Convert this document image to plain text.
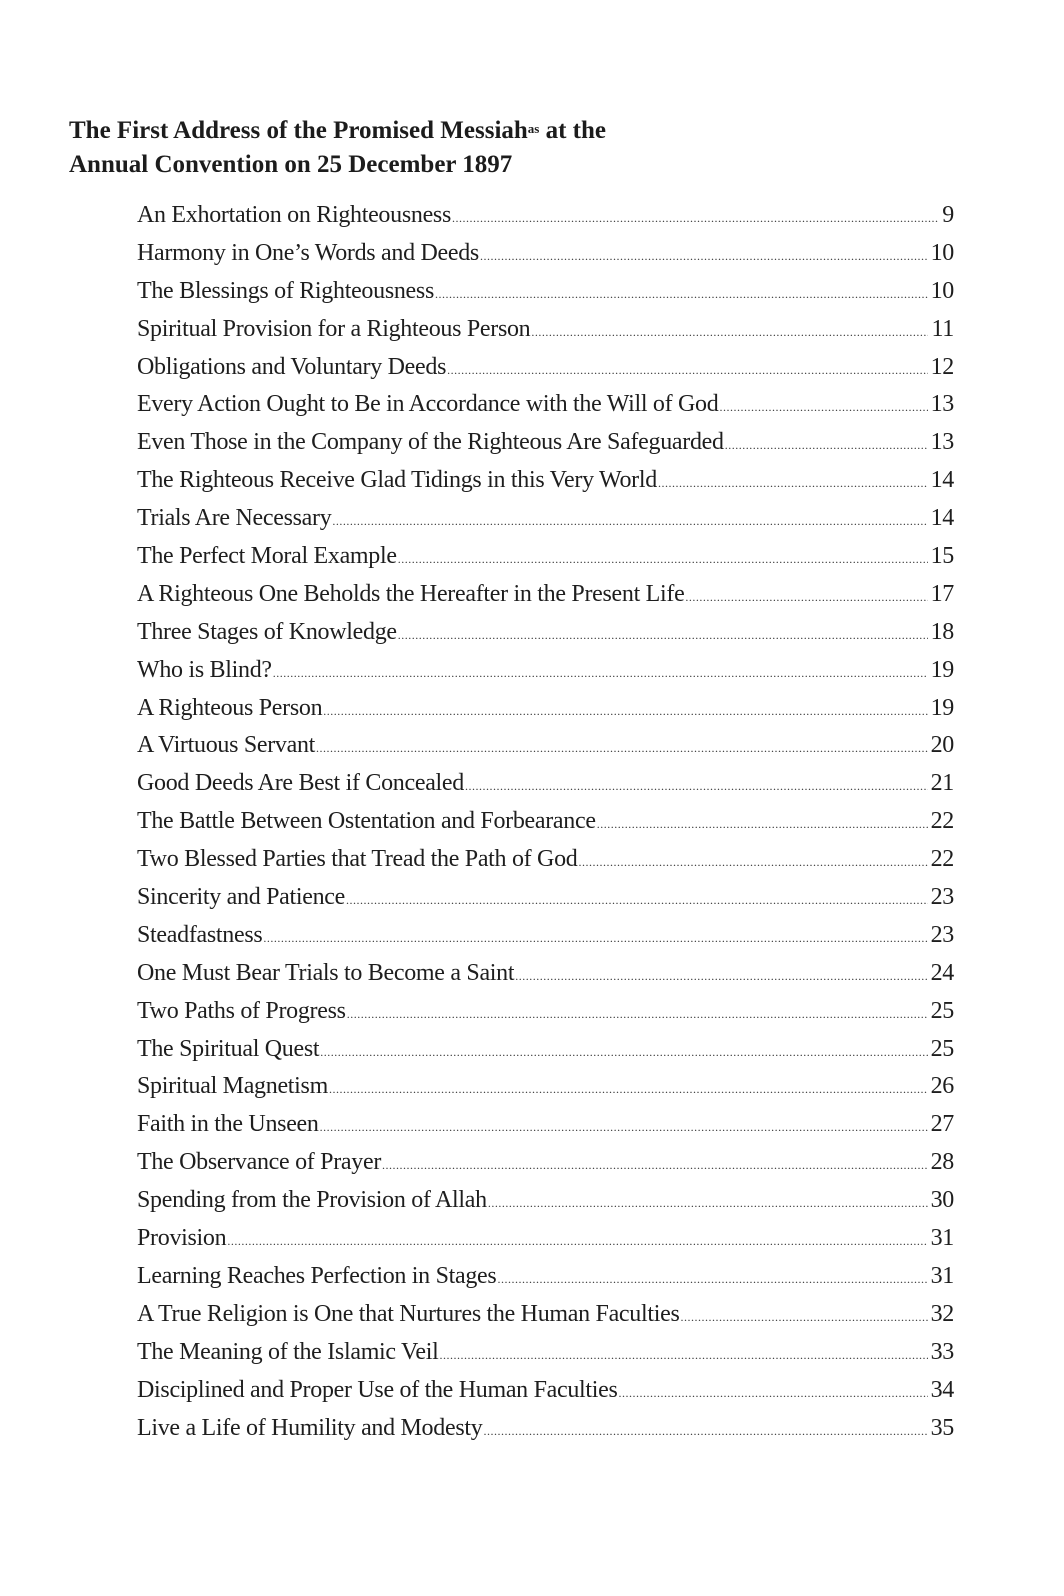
The First Address of the Promised Messiah$^{as}$ at the
Annual Convention on 25 December 1897
An Exhortation on Righteousness .....	9
Harmony in One’s Words and Deeds .....	10
The Blessings of Righteousness .....	10
Spiritual Provision for a Righteous Person .....	11
Obligations and Voluntary Deeds .....	12
Every Action Ought to Be in Accordance with the Will of God .....	13
Even Those in the Company of the Righteous Are Safeguarded .....	13
The Righteous Receive Glad Tidings in this Very World .....	14
Trials Are Necessary .....	14
The Perfect Moral Example .....	15
A Righteous One Beholds the Hereafter in the Present Life .....	17
Three Stages of Knowledge .....	18
Who is Blind? .....	19
A Righteous Person .....	19
A Virtuous Servant .....	20
Good Deeds Are Best if Concealed .....	21
The Battle Between Ostentation and Forbearance .....	22
Two Blessed Parties that Tread the Path of God .....	22
Sincerity and Patience .....	23
Steadfastness .....	23
One Must Bear Trials to Become a Saint .....	24
Two Paths of Progress .....	25
The Spiritual Quest .....	25
Spiritual Magnetism .....	26
Faith in the Unseen .....	27
The Observance of Prayer .....	28
Spending from the Provision of Allah .....	30
Provision .....	31
Learning Reaches Perfection in Stages .....	31
A True Religion is One that Nurtures the Human Faculties .....	32
The Meaning of the Islamic Veil .....	33
Disciplined and Proper Use of the Human Faculties .....	34
Live a Life of Humility and Modesty .....	35
